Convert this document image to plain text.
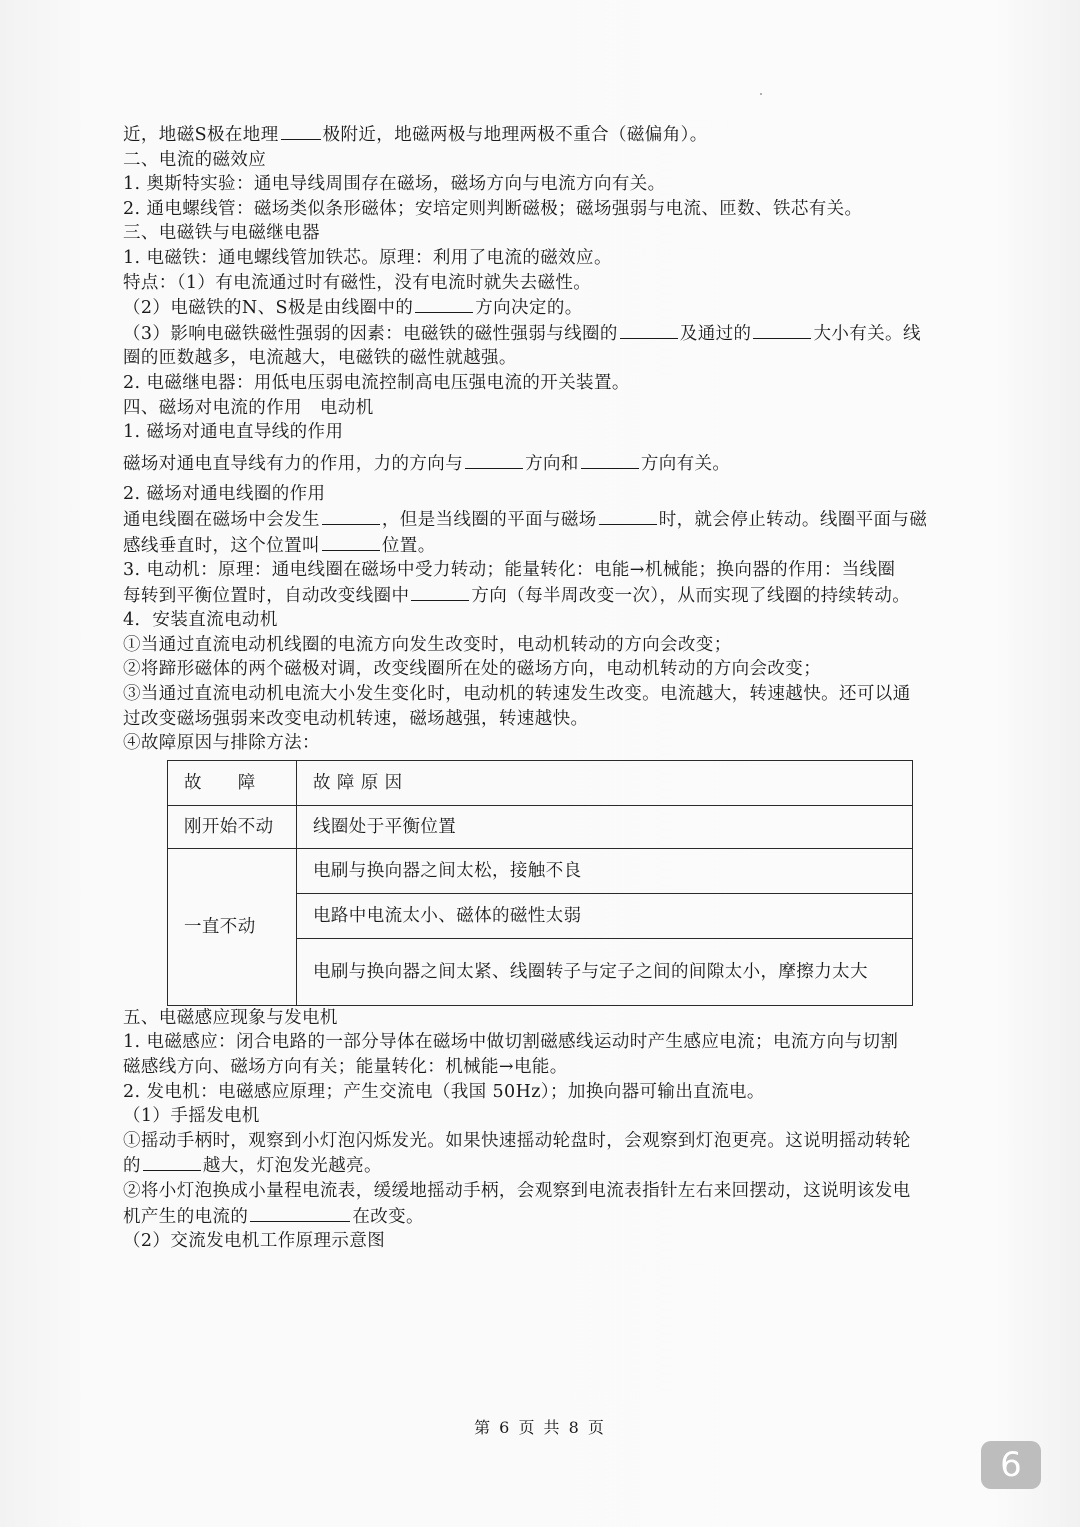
近，地磁S极在地理	极附近，地磁两极与地理两极不重合（磁偏角）。

二、电流的磁效应

1. 奥斯特实验：通电导线周围存在磁场，磁场方向与电流方向有关。

2. 通电螺线管：磁场类似条形磁体；安培定则判断磁极；磁场强弱与电流、匝数、铁芯有关。

三、电磁铁与电磁继电器

1. 电磁铁：通电螺线管加铁芯。原理：利用了电流的磁效应。

特点：（1）有电流通过时有磁性，没有电流时就失去磁性。

（2）电磁铁的N、S极是由线圈中的	方向决定的。

（3）影响电磁铁磁性强弱的因素：电磁铁的磁性强弱与线圈的	及通过的	大小有关。线

圈的匝数越多，电流越大，电磁铁的磁性就越强。

2. 电磁继电器：用低电压弱电流控制高电压强电流的开关装置。

四、磁场对电流的作用　电动机

1. 磁场对通电直导线的作用

磁场对通电直导线有力的作用，力的方向与	方向和	方向有关。

2. 磁场对通电线圈的作用

通电线圈在磁场中会发生	，但是当线圈的平面与磁场	时，就会停止转动。线圈平面与磁

感线垂直时，这个位置叫	位置。

3. 电动机：原理：通电线圈在磁场中受力转动；能量转化：电能→机械能；换向器的作用：当线圈

每转到平衡位置时，自动改变线圈中	方向（每半周改变一次），从而实现了线圈的持续转动。

4．安装直流电动机

①当通过直流电动机线圈的电流方向发生改变时，电动机转动的方向会改变；

②将蹄形磁体的两个磁极对调，改变线圈所在处的磁场方向，电动机转动的方向会改变；

③当通过直流电动机电流大小发生变化时，电动机的转速发生改变。电流越大，转速越快。还可以通

过改变磁场强弱来改变电动机转速，磁场越强，转速越快。

④故障原因与排除方法：

故　　障	故 障 原 因
刚开始不动	线圈处于平衡位置
一直不动	电刷与换向器之间太松，接触不良
	电路中电流太小、磁体的磁性太弱
	电刷与换向器之间太紧、线圈转子与定子之间的间隙太小，摩擦力太大

五、电磁感应现象与发电机

1. 电磁感应：闭合电路的一部分导体在磁场中做切割磁感线运动时产生感应电流；电流方向与切割

磁感线方向、磁场方向有关；能量转化：机械能→电能。

2. 发电机：电磁感应原理；产生交流电（我国 50Hz）；加换向器可输出直流电。

（1）手摇发电机

①摇动手柄时，观察到小灯泡闪烁发光。如果快速摇动轮盘时，会观察到灯泡更亮。这说明摇动转轮

的	越大，灯泡发光越亮。

②将小灯泡换成小量程电流表，缓缓地摇动手柄，会观察到电流表指针左右来回摆动，这说明该发电

机产生的电流的	在改变。

（2）交流发电机工作原理示意图

第 6 页 共 8 页
6
